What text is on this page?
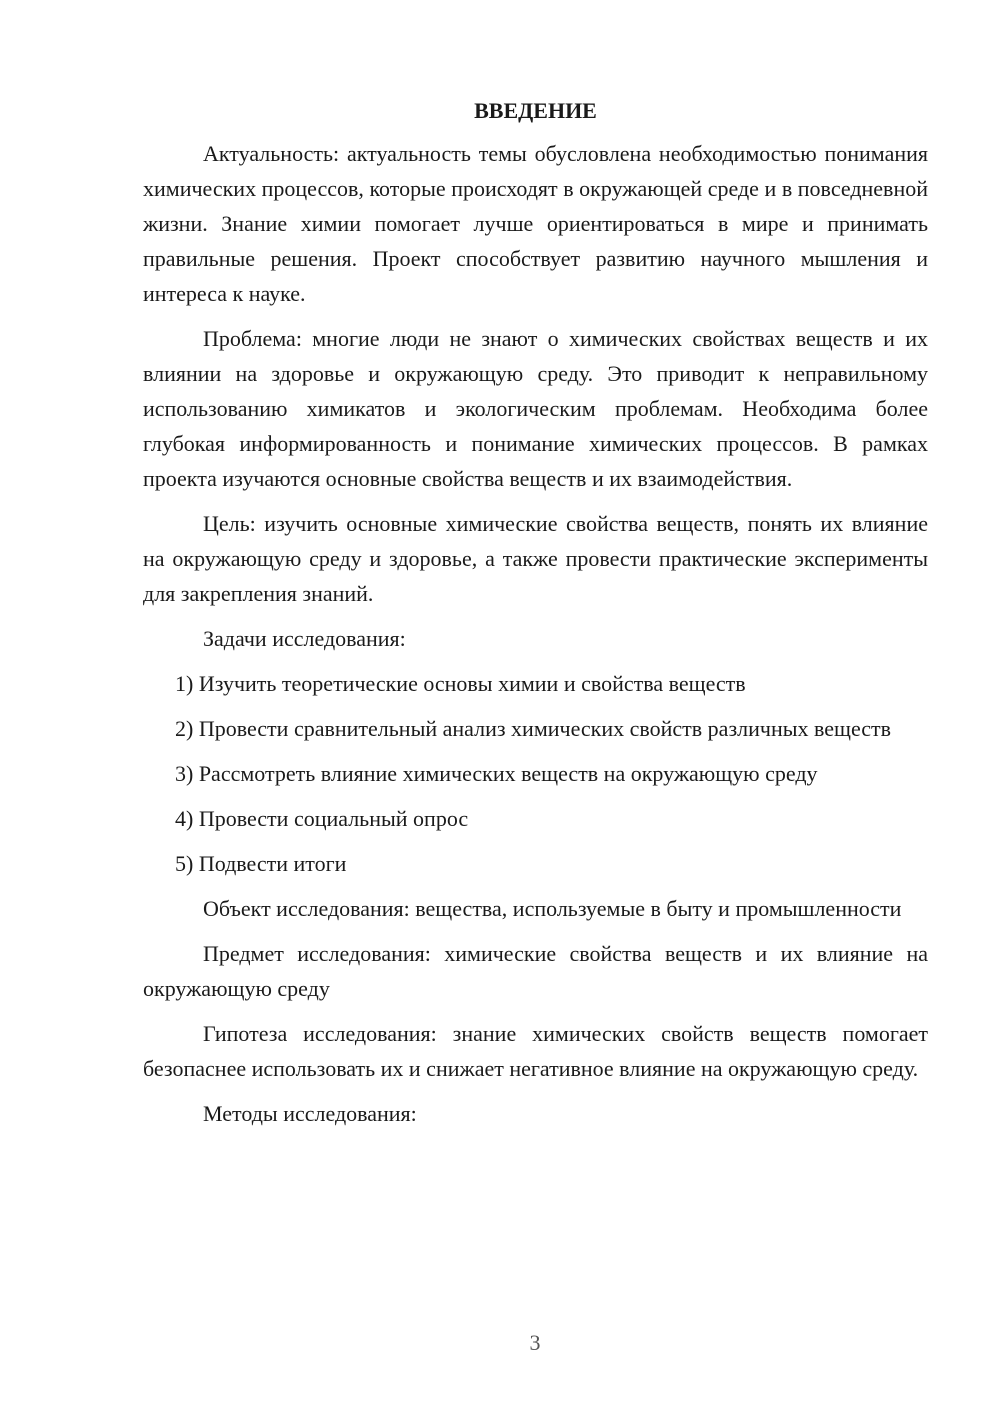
ВВЕДЕНИЕ

Актуальность: актуальность темы обусловлена необходимостью понимания химических процессов, которые происходят в окружающей среде и в повседневной жизни. Знание химии помогает лучше ориентироваться в мире и принимать правильные решения. Проект способствует развитию научного мышления и интереса к науке.

Проблема: многие люди не знают о химических свойствах веществ и их влиянии на здоровье и окружающую среду. Это приводит к неправильному использованию химикатов и экологическим проблемам. Необходима более глубокая информированность и понимание химических процессов. В рамках проекта изучаются основные свойства веществ и их взаимодействия.

Цель: изучить основные химические свойства веществ, понять их влияние на окружающую среду и здоровье, а также провести практические эксперименты для закрепления знаний.

Задачи исследования:

1) Изучить теоретические основы химии и свойства веществ

2) Провести сравнительный анализ химических свойств различных веществ

3) Рассмотреть влияние химических веществ на окружающую среду

4) Провести социальный опрос

5) Подвести итоги

Объект исследования: вещества, используемые в быту и промышленности

Предмет исследования: химические свойства веществ и их влияние на окружающую среду

Гипотеза исследования: знание химических свойств веществ помогает безопаснее использовать их и снижает негативное влияние на окружающую среду.

Методы исследования:

3
